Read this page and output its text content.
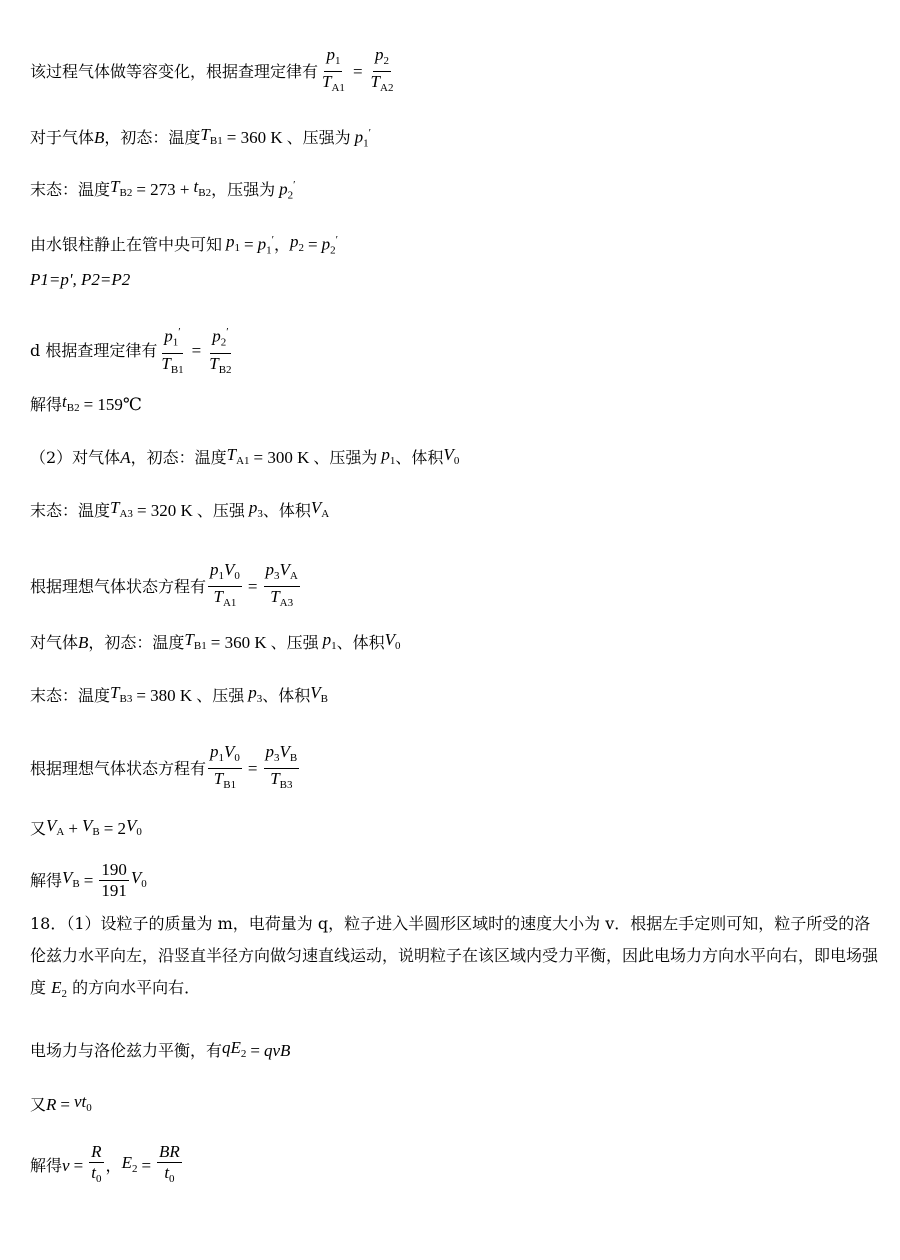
该过程气体做等容变化，根据查理定律有 $\frac{p_1}{T_{A1}} = \frac{p_2}{T_{A2}}$
对于气体 B ，初态：温度 $T_{B1} = 360$ K 、压强为 $p_1'$
末态：温度 $T_{B2} = 273 + t_{B2}$ ，压强为 $p_2'$
由水银柱静止在管中央可知 $p_1 = p_1'$ ， $p_2 = p_2'$
P1=p', P2=P2
d 根据查理定律有 $\frac{p_1'}{T_{B1}} = \frac{p_2'}{T_{B2}}$
解得 $t_{B2}$ = 159℃
（2）对气体 A ，初态：温度 $T_{A1} = 300$ K 、压强为 $p_1$ 、体积 $V_0$
末态：温度 $T_{A3} = 320$ K 、压强 $p_3$ 、体积 $V_A$
根据理想气体状态方程有 $\frac{p_1V_0}{T_{A1}} = \frac{p_3V_A}{T_{A3}}$
对气体 B ，初态：温度 $T_{B1} = 360$ K 、压强 $p_1$ 、体积 $V_0$
末态：温度 $T_{B3} = 380$ K 、压强 $p_3$ 、体积 $V_B$
根据理想气体状态方程有 $\frac{p_1V_0}{T_{B1}} = \frac{p_3V_B}{T_{B3}}$
又 $V_A + V_B = 2$ $V_0$
解得 $V_B = \frac{190}{191} V_0$
18．（1）设粒子的质量为 m，电荷量为 q，粒子进入半圆形区域时的速度大小为 v．根据左手定则可知，粒子所受的洛伦兹力水平向左，沿竖直半径方向做匀速直线运动，说明粒子在该区域内受力平衡，因此电场力方向水平向右，即电场强度 $E_2$ 的方向水平向右．
电场力与洛伦兹力平衡，有 $qE_2$ = qvB
又 $R = vt_0$
解得 $v = \frac{R}{t_0}$ ， $E_2 = \frac{BR}{t_0}$
